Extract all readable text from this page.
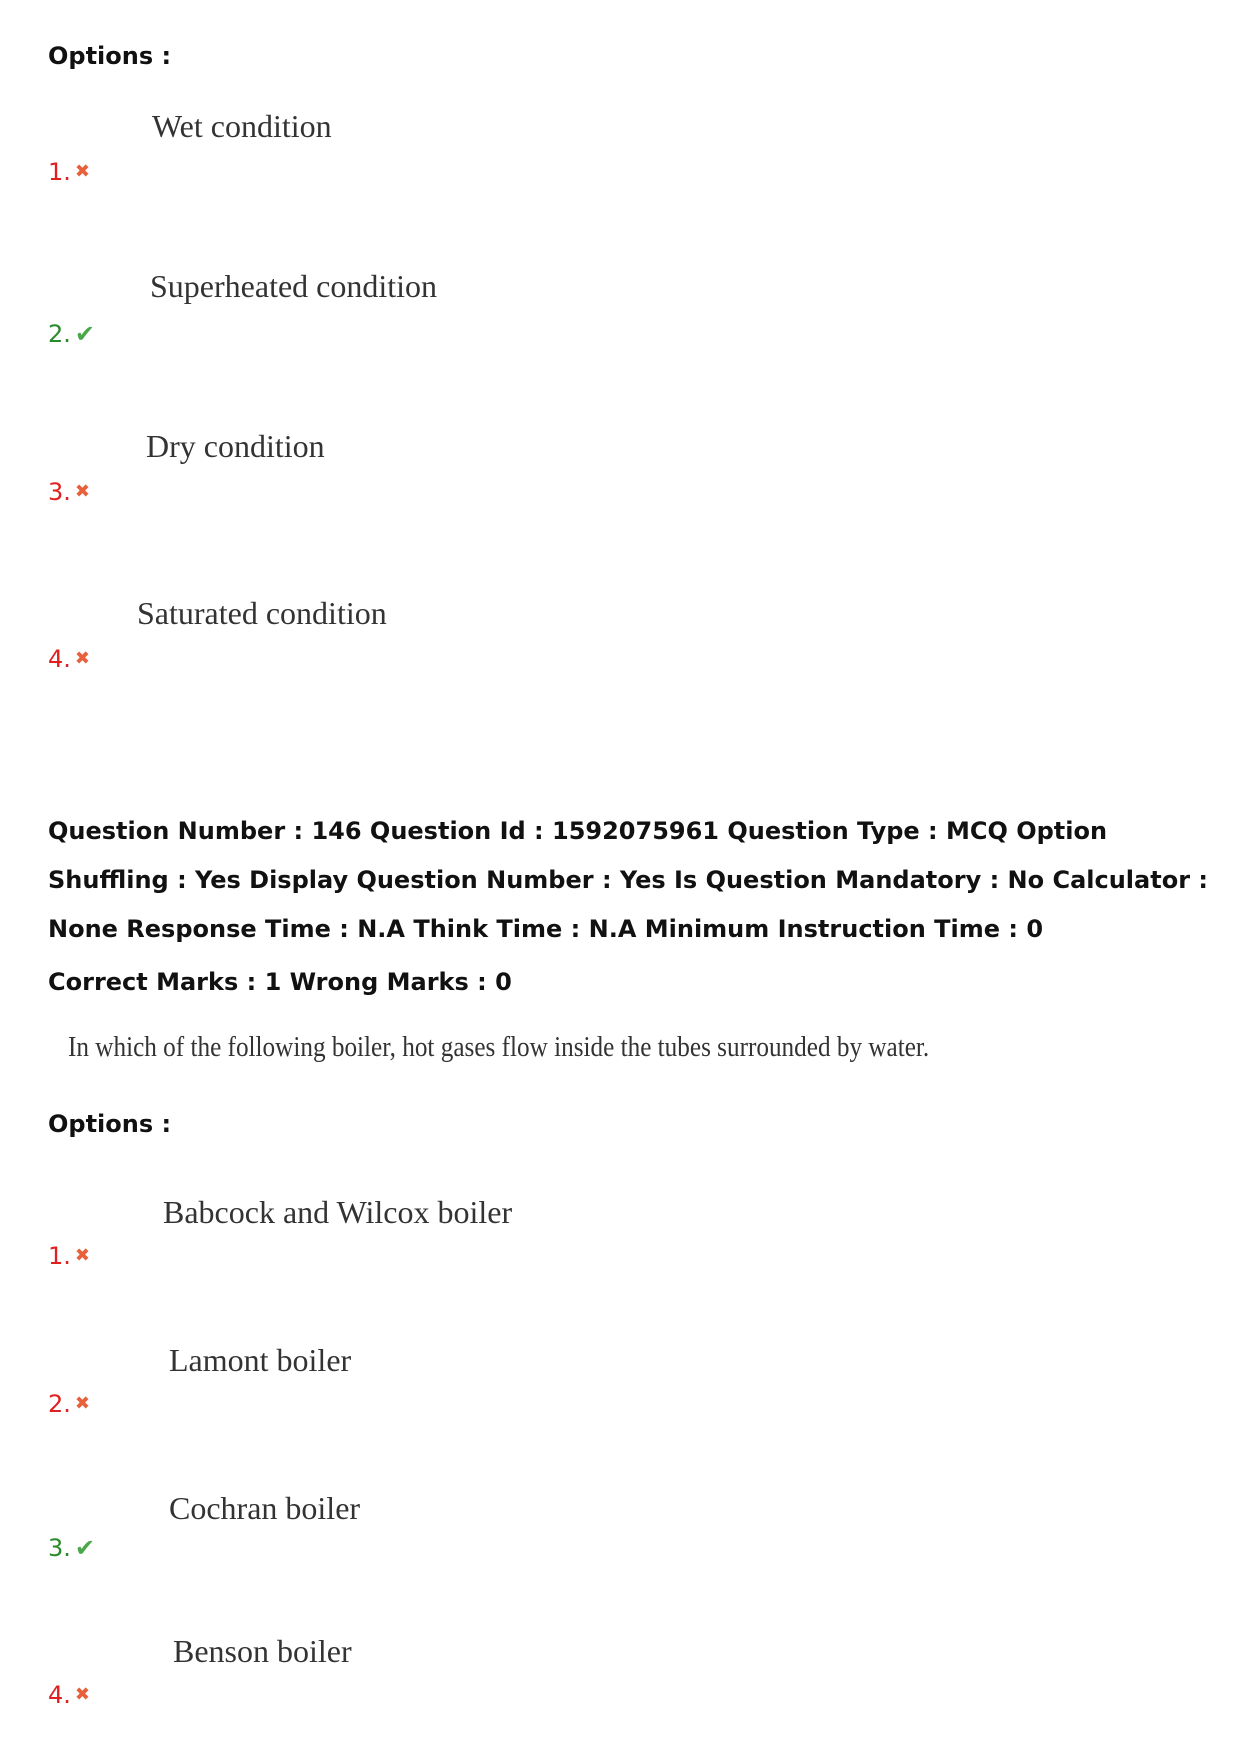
Options :
Wet condition
1. ✖
Superheated condition
2. ✔
Dry condition
3. ✖
Saturated condition
4. ✖
Question Number : 146 Question Id : 1592075961 Question Type : MCQ Option Shuffling : Yes Display Question Number : Yes Is Question Mandatory : No Calculator : None Response Time : N.A Think Time : N.A Minimum Instruction Time : 0
Correct Marks : 1 Wrong Marks : 0
In which of the following boiler, hot gases flow inside the tubes surrounded by water.
Options :
Babcock and Wilcox boiler
1. ✖
Lamont boiler
2. ✖
Cochran boiler
3. ✔
Benson boiler
4. ✖
